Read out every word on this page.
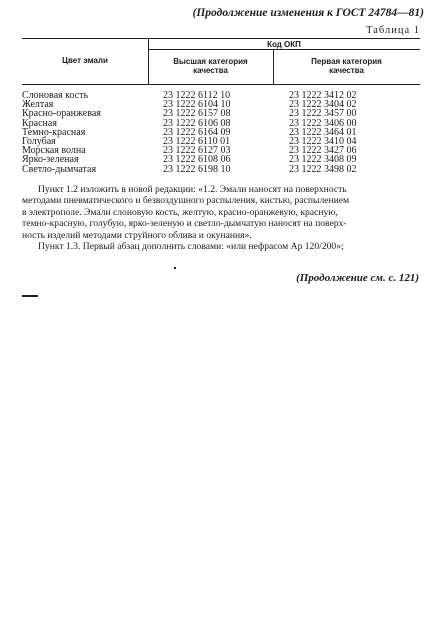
(Продолжение изменения к ГОСТ 24784—81)
Таблица 1
Цвет эмали
Код ОКП
Высшая категория
качества
Первая категория
качества
Слоновая кость
Желтая
Красно-оранжевая
Красная
Темно-красная
Голубая
Морская волна
Ярко-зеленая
Светло-дымчатая
23 1222 6112 10
23 1222 6104 10
23 1222 6157 08
23 1222 6106 08
23 1222 6164 09
23 1222 6110 01
23 1222 6127 03
23 1222 6108 06
23 1222 6198 10
23 1222 3412 02
23 1222 3404 02
23 1222 3457 00
23 1222 3406 00
23 1222 3464 01
23 1222 3410 04
23 1222 3427 06
23 1222 3408 09
23 1222 3498 02
Пункт 1.2 изложить в новой редакции: «1.2. Эмали наносят на поверхность
методами пневматического и безвоздушного распыления, кистью, распылением
в электрополе. Эмали слоновую кость, желтую, красно-оранжевую, красную,
темно-красную, голубую, ярко-зеленую и светло-дымчатую наносят на поверх-
ность изделий методами струйного облива и окунания».
Пункт 1.3. Первый абзац дополнить словами: «или нефрасом Ар 120/200»;
(Продолжение см. с. 121)
